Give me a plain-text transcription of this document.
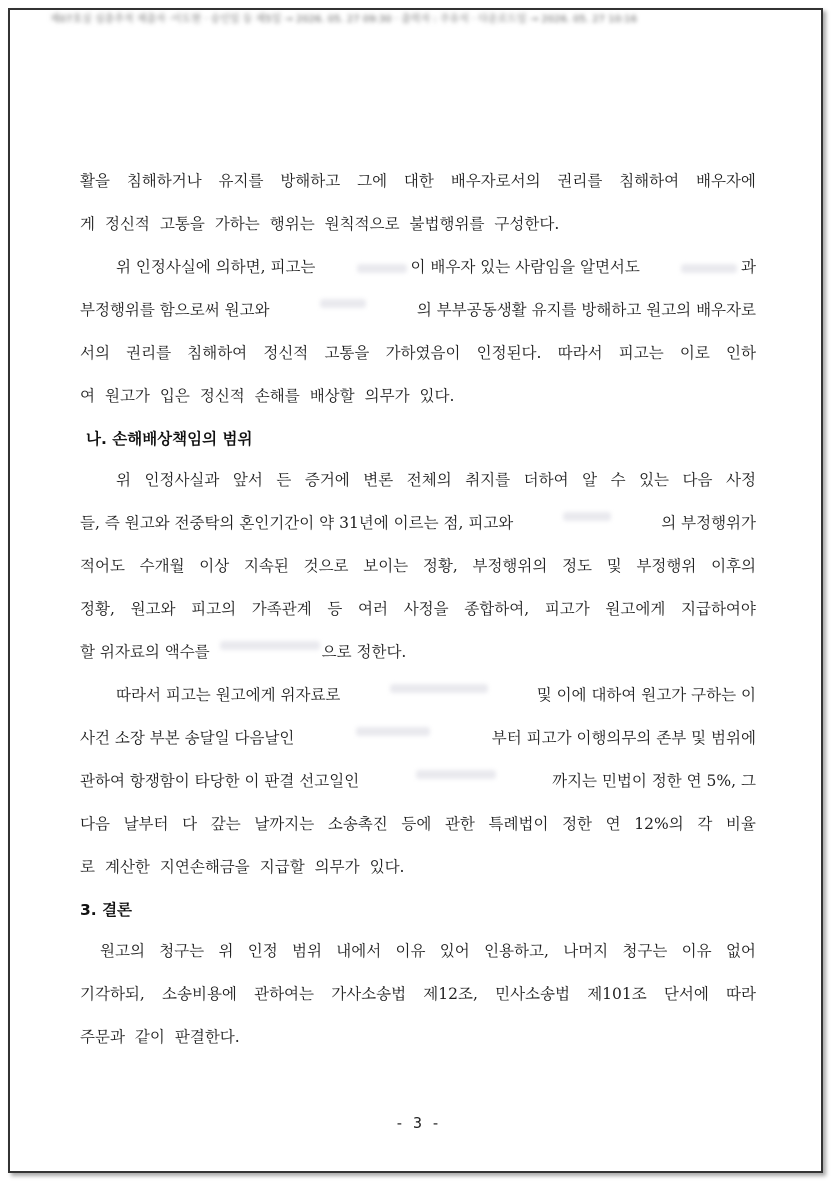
제07호실 심층추적 제출자 ·이도현 · 승인일 등 제5일 → 2026. 05. 27 09:30 · 출력자 : 주유석 · 다운로드일 → 2026. 05. 27 10:16
활을 침해하거나 유지를 방해하고 그에 대한 배우자로서의 권리를 침해하여 배우자에
게 정신적 고통을 가하는 행위는 원칙적으로 불법행위를 구성한다.
위 인정사실에 의하면, 피고는	이 배우자 있는 사람임을 알면서도	과
부정행위를 함으로써 원고와	의 부부공동생활 유지를 방해하고 원고의 배우자로
서의 권리를 침해하여 정신적 고통을 가하였음이 인정된다. 따라서 피고는 이로 인하
여 원고가 입은 정신적 손해를 배상할 의무가 있다.
나. 손해배상책임의 범위
위 인정사실과 앞서 든 증거에 변론 전체의 취지를 더하여 알 수 있는 다음 사정
들, 즉 원고와 전중탁의 혼인기간이 약 31년에 이르는 점, 피고와	의 부정행위가
적어도 수개월 이상 지속된 것으로 보이는 정황, 부정행위의 정도 및 부정행위 이후의
정황, 원고와 피고의 가족관계 등 여러 사정을 종합하여, 피고가 원고에게 지급하여야
할 위자료의 액수를	으로 정한다.
따라서 피고는 원고에게 위자료로	및 이에 대하여 원고가 구하는 이
사건 소장 부본 송달일 다음날인	부터 피고가 이행의무의 존부 및 범위에
관하여 항쟁함이 타당한 이 판결 선고일인	까지는 민법이 정한 연 5%, 그
다음 날부터 다 갚는 날까지는 소송촉진 등에 관한 특례법이 정한 연 12%의 각 비율
로 계산한 지연손해금을 지급할 의무가 있다.
3. 결론
원고의 청구는 위 인정 범위 내에서 이유 있어 인용하고, 나머지 청구는 이유 없어
기각하되, 소송비용에 관하여는 가사소송법 제12조, 민사소송법 제101조 단서에 따라
주문과 같이 판결한다.
- 3 -
